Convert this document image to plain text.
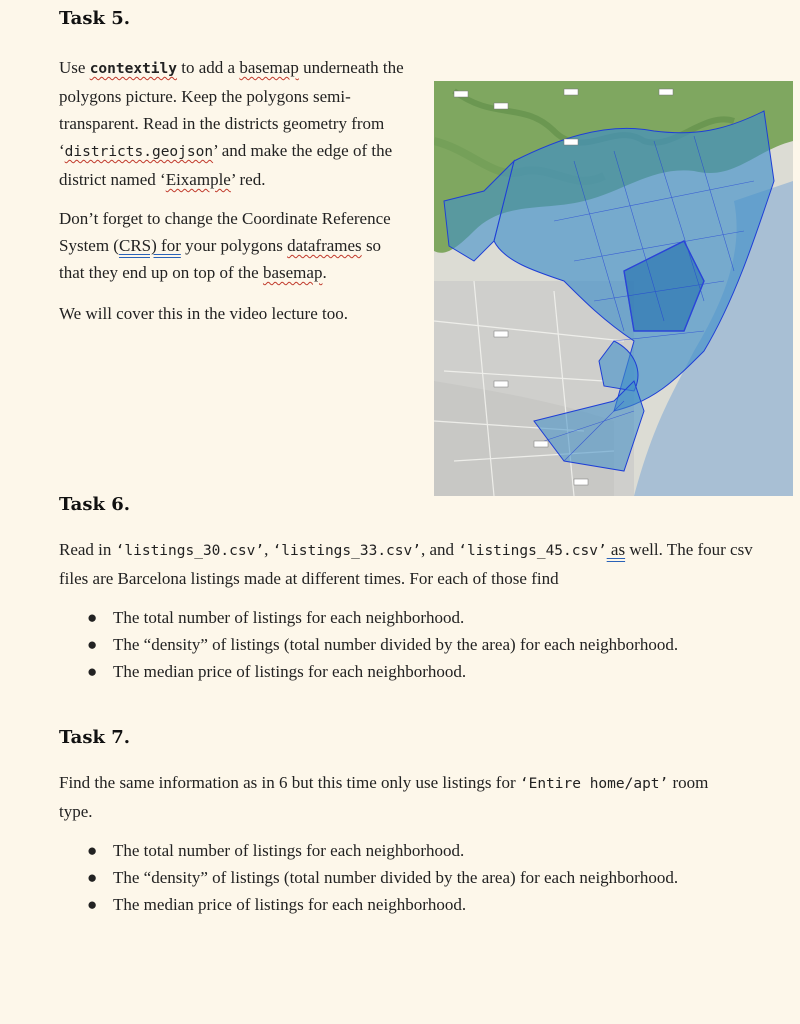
Task 5.

Use contextily to add a basemap underneath the
polygons picture. Keep the polygons semi-
transparent. Read in the districts geometry from
‘districts.geojson’ and make the edge of the
district named ‘Eixample’ red.

Don’t forget to change the Coordinate Reference
System (CRS) for your polygons dataframes so
that they end up on top of the basemap.

We will cover this in the video lecture too.

Task 6.

Read in ‘listings_30.csv’, ‘listings_33.csv’, and ‘listings_45.csv’ as well. The four csv
files are Barcelona listings made at different times. For each of those find

● The total number of listings for each neighborhood.
● The “density” of listings (total number divided by the area) for each neighborhood.
● The median price of listings for each neighborhood.
Task 7.

Find the same information as in 6 but this time only use listings for ‘Entire home/apt’ room
type.

● The total number of listings for each neighborhood.
● The “density” of listings (total number divided by the area) for each neighborhood.
● The median price of listings for each neighborhood.
